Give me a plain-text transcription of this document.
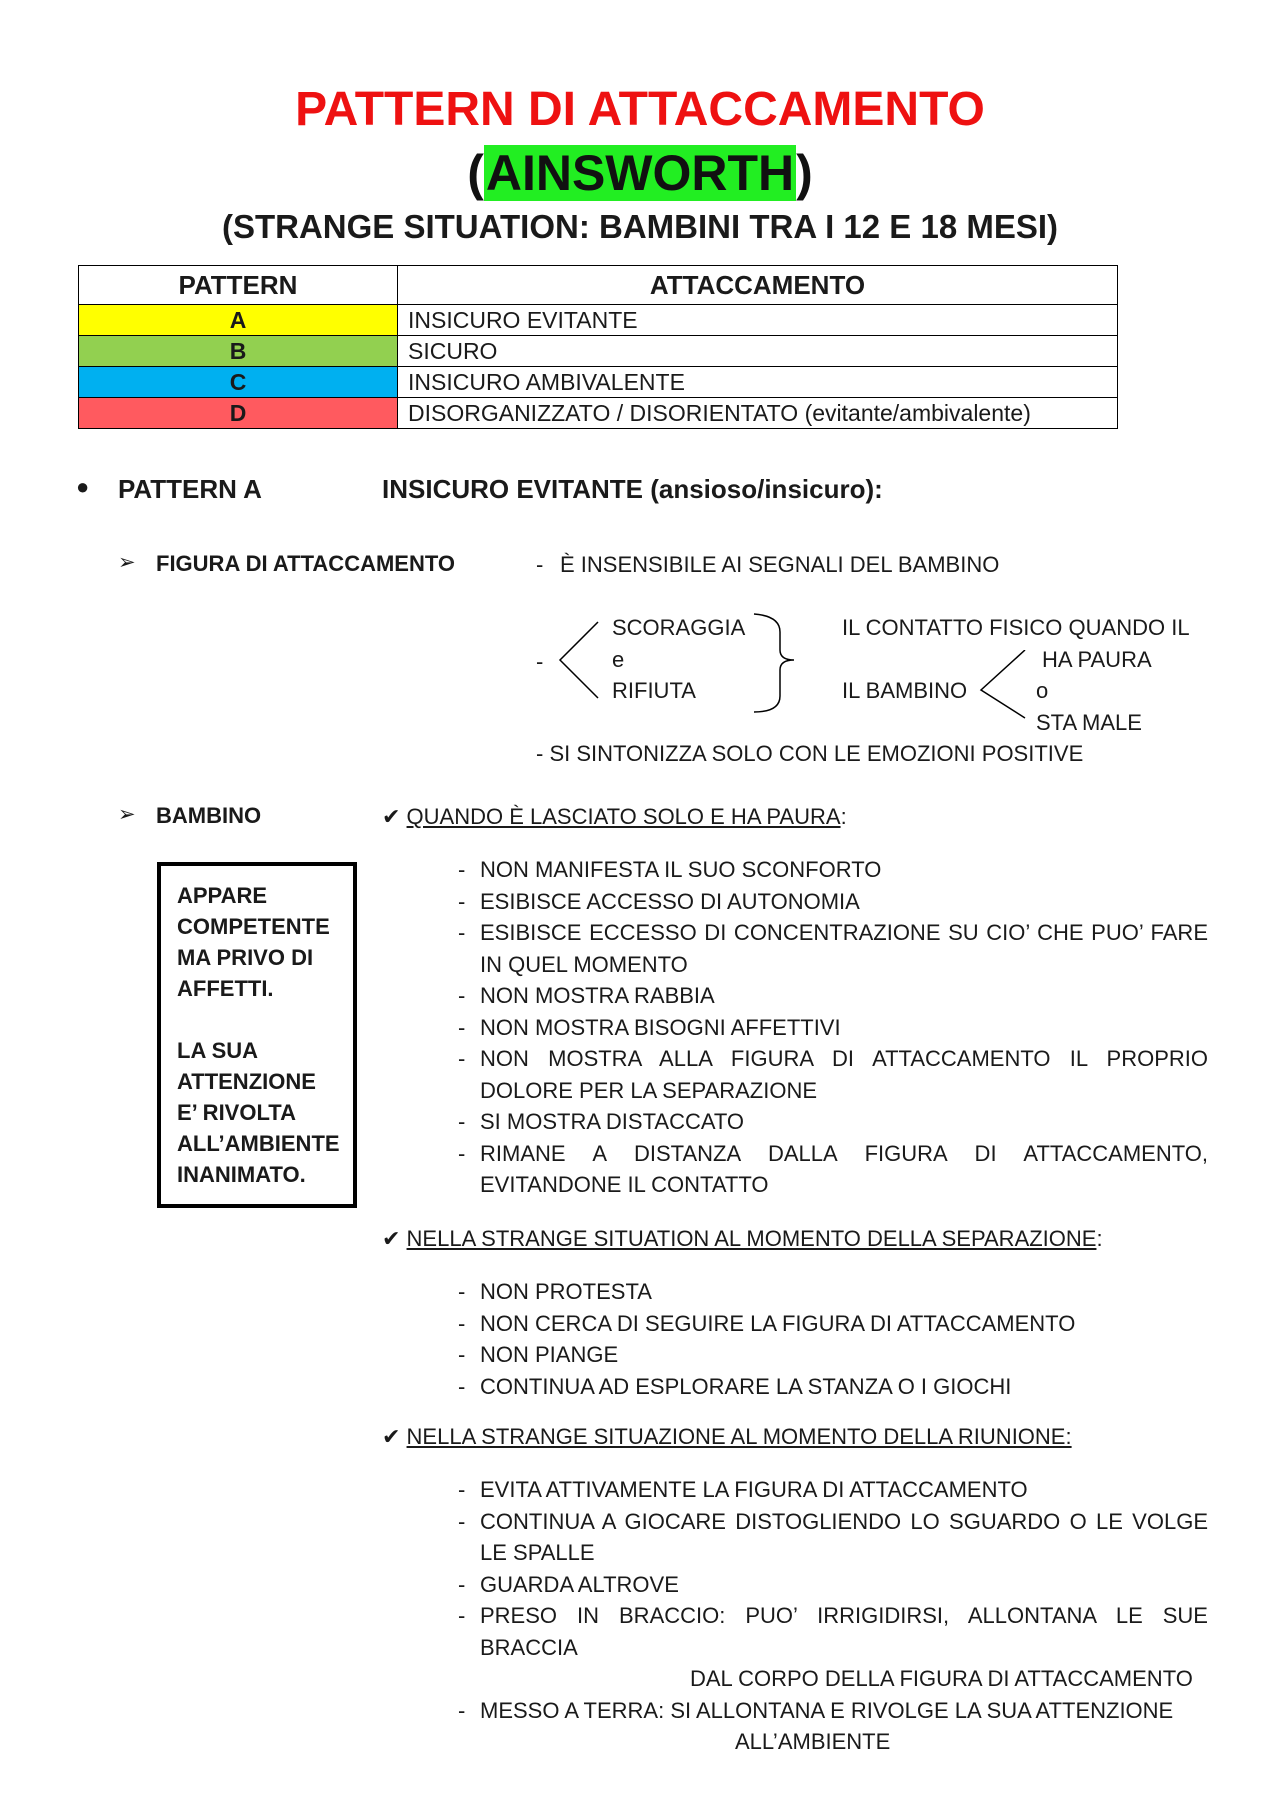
PATTERN DI ATTACCAMENTO
(AINSWORTH)
(STRANGE SITUATION: BAMBINI TRA I 12 E 18 MESI)
PATTERN	ATTACCAMENTO
A	INSICURO EVITANTE
B	SICURO
C	INSICURO AMBIVALENTE
D	DISORGANIZZATO / DISORIENTATO (evitante/ambivalente)
● PATTERN A	INSICURO EVITANTE (ansioso/insicuro):
➢ FIGURA DI ATTACCAMENTO	- È INSENSIBILE AI SEGNALI DEL BAMBINO
-
SCORAGGIA
e
RIFIUTA
IL CONTATTO FISICO QUANDO IL
HA PAURA
IL BAMBINO	o
STA MALE
- SI SINTONIZZA SOLO CON LE EMOZIONI POSITIVE
➢ BAMBINO
APPARE
COMPETENTE
MA PRIVO DI
AFFETTI.
LA SUA
ATTENZIONE
E’ RIVOLTA
ALL’AMBIENTE
INANIMATO.
✔ QUANDO È LASCIATO SOLO E HA PAURA:
- NON MANIFESTA IL SUO SCONFORTO
- ESIBISCE ACCESSO DI AUTONOMIA
- ESIBISCE ECCESSO DI CONCENTRAZIONE SU CIO’ CHE PUO’ FARE IN QUEL MOMENTO
- NON MOSTRA RABBIA
- NON MOSTRA BISOGNI AFFETTIVI
- NON MOSTRA ALLA FIGURA DI ATTACCAMENTO IL PROPRIO DOLORE PER LA SEPARAZIONE
- SI MOSTRA DISTACCATO
- RIMANE A DISTANZA DALLA FIGURA DI ATTACCAMENTO, EVITANDONE IL CONTATTO
✔ NELLA STRANGE SITUATION AL MOMENTO DELLA SEPARAZIONE:
- NON PROTESTA
- NON CERCA DI SEGUIRE LA FIGURA DI ATTACCAMENTO
- NON PIANGE
- CONTINUA AD ESPLORARE LA STANZA O I GIOCHI
✔ NELLA STRANGE SITUAZIONE AL MOMENTO DELLA RIUNIONE:
- EVITA ATTIVAMENTE LA FIGURA DI ATTACCAMENTO
- CONTINUA A GIOCARE DISTOGLIENDO LO SGUARDO O LE VOLGE LE SPALLE
- GUARDA ALTROVE
- PRESO IN BRACCIO: PUO’ IRRIGIDIRSI, ALLONTANA LE SUE BRACCIA
DAL CORPO DELLA FIGURA DI ATTACCAMENTO
- MESSO A TERRA: SI ALLONTANA E RIVOLGE LA SUA ATTENZIONE
ALL’AMBIENTE
